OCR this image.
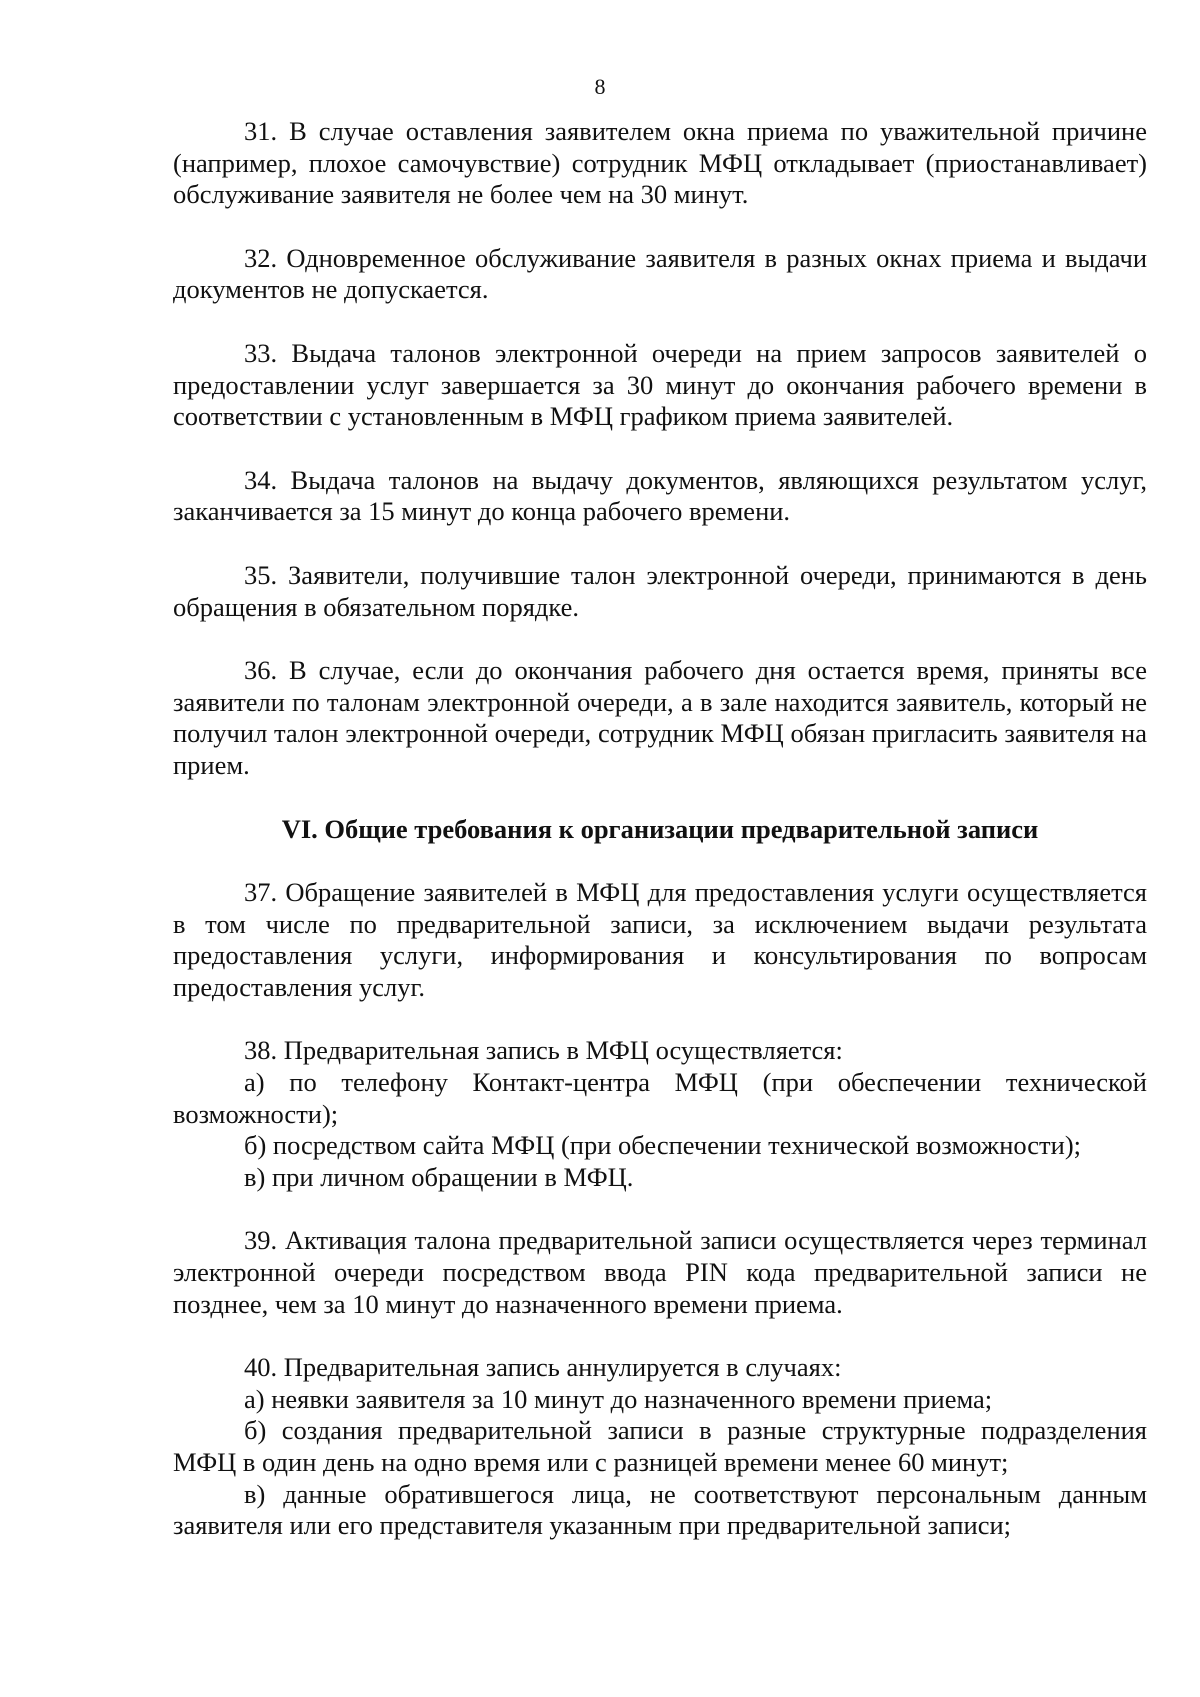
8

31. В случае оставления заявителем окна приема по уважительной причине (например, плохое самочувствие) сотрудник МФЦ откладывает (приостанавливает) обслуживание заявителя не более чем на 30 минут.

32. Одновременное обслуживание заявителя в разных окнах приема и выдачи документов не допускается.

33. Выдача талонов электронной очереди на прием запросов заявителей о предоставлении услуг завершается за 30 минут до окончания рабочего времени в соответствии с установленным в МФЦ графиком приема заявителей.

34. Выдача талонов на выдачу документов, являющихся результатом услуг, заканчивается за 15 минут до конца рабочего времени.

35. Заявители, получившие талон электронной очереди, принимаются в день обращения в обязательном порядке.

36. В случае, если до окончания рабочего дня остается время, приняты все заявители по талонам электронной очереди, а в зале находится заявитель, который не получил талон электронной очереди, сотрудник МФЦ обязан пригласить заявителя на прием.

VI. Общие требования к организации предварительной записи

37. Обращение заявителей в МФЦ для предоставления услуги осуществляется в том числе по предварительной записи, за исключением выдачи результата предоставления услуги, информирования и консультирования по вопросам предоставления услуг.

38. Предварительная запись в МФЦ осуществляется:

а) по телефону Контакт-центра МФЦ (при обеспечении технической возможности);

б) посредством сайта МФЦ (при обеспечении технической возможности);

в) при личном обращении в МФЦ.

39. Активация талона предварительной записи осуществляется через терминал электронной очереди посредством ввода PIN кода предварительной записи не позднее, чем за 10 минут до назначенного времени приема.

40. Предварительная запись аннулируется в случаях:

а) неявки заявителя за 10 минут до назначенного времени приема;

б) создания предварительной записи в разные структурные подразделения МФЦ в один день на одно время или с разницей времени менее 60 минут;

в) данные обратившегося лица, не соответствуют персональным данным заявителя или его представителя указанным при предварительной записи;
